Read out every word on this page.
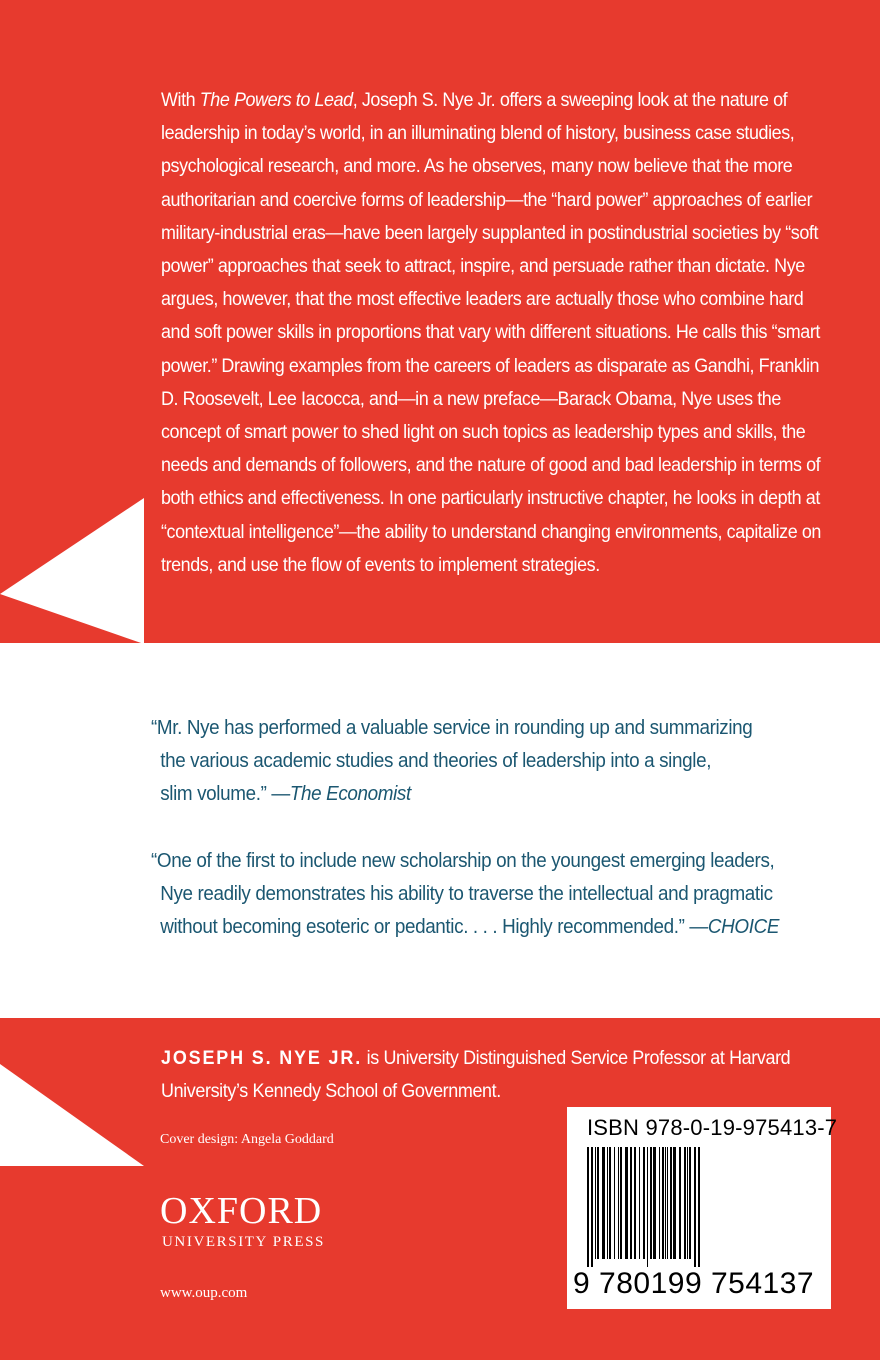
With The Powers to Lead, Joseph S. Nye Jr. offers a sweeping look at the nature of leadership in today’s world, in an illuminating blend of history, business case studies, psychological research, and more. As he observes, many now believe that the more authoritarian and coercive forms of leadership—the “hard power” approaches of earlier military-industrial eras—have been largely supplanted in postindustrial societies by “soft power” approaches that seek to attract, inspire, and persuade rather than dictate. Nye argues, however, that the most effective leaders are actually those who combine hard and soft power skills in proportions that vary with different situations. He calls this “smart power.” Drawing examples from the careers of leaders as disparate as Gandhi, Franklin D. Roosevelt, Lee Iacocca, and—in a new preface—Barack Obama, Nye uses the concept of smart power to shed light on such topics as leadership types and skills, the needs and demands of followers, and the nature of good and bad leadership in terms of both ethics and effectiveness. In one particularly instructive chapter, he looks in depth at “contextual intelligence”—the ability to understand changing environments, capitalize on trends, and use the flow of events to implement strategies.
“Mr. Nye has performed a valuable service in rounding up and summarizing
the various academic studies and theories of leadership into a single,
slim volume.” —The Economist
“One of the first to include new scholarship on the youngest emerging leaders,
Nye readily demonstrates his ability to traverse the intellectual and pragmatic
without becoming esoteric or pedantic. . . . Highly recommended.” —CHOICE
JOSEPH S. NYE JR. is University Distinguished Service Professor at Harvard University’s Kennedy School of Government.
Cover design: Angela Goddard
OXFORD
UNIVERSITY PRESS
www.oup.com
ISBN 978-0-19-975413-7
9 780199 754137
